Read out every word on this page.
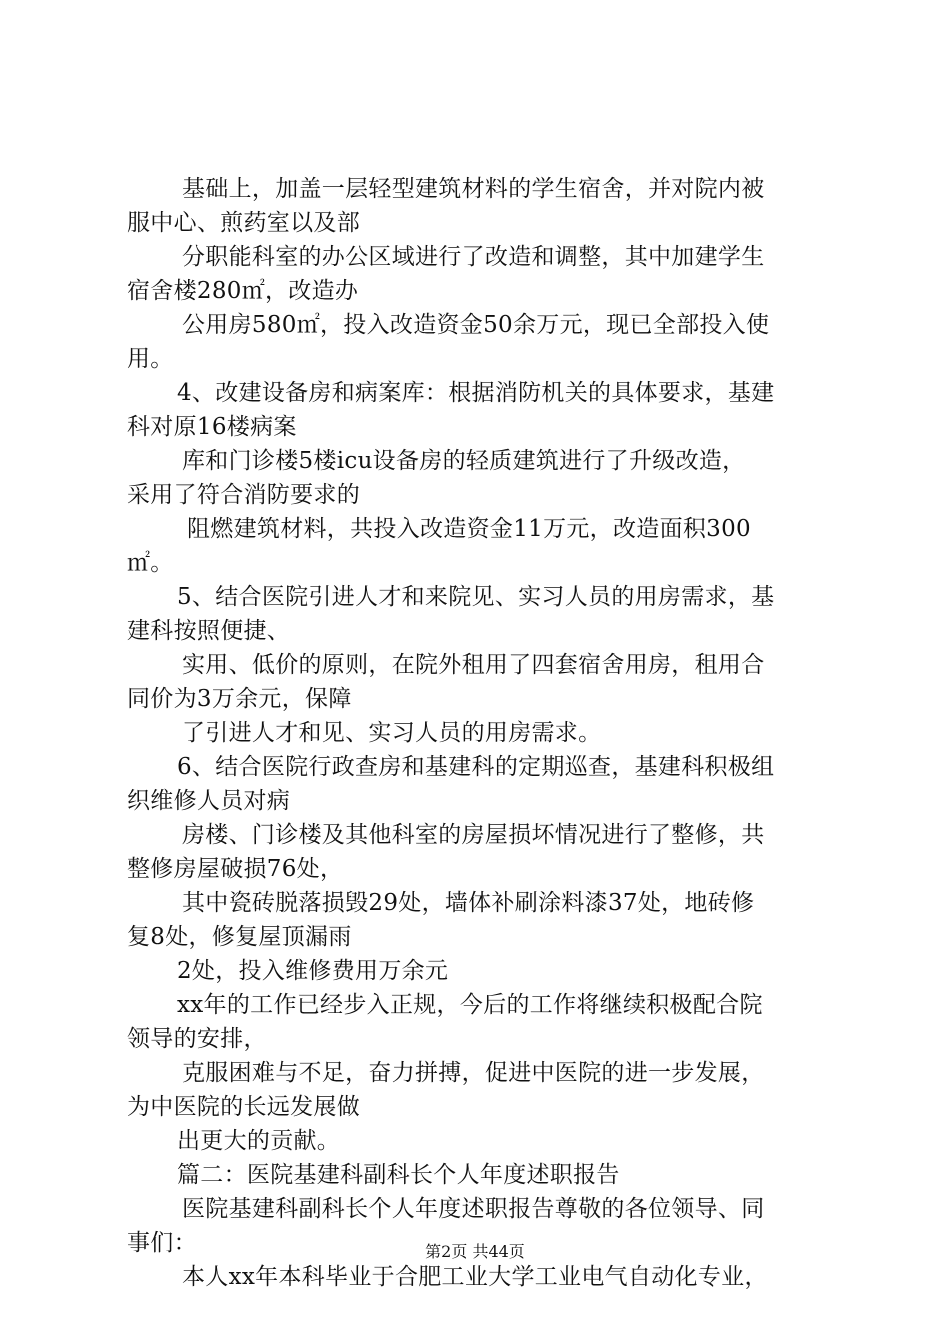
基础上，加盖一层轻型建筑材料的学生宿舍，并对院内被
服中心、煎药室以及部
分职能科室的办公区域进行了改造和调整，其中加建学生
宿舍楼280㎡，改造办
公用房580㎡，投入改造资金50余万元，现已全部投入使
用。
4、改建设备房和病案库：根据消防机关的具体要求，基建
科对原16楼病案
库和门诊楼5楼icu设备房的轻质建筑进行了升级改造，
采用了符合消防要求的
阻燃建筑材料，共投入改造资金11万元，改造面积300
㎡。
5、结合医院引进人才和来院见、实习人员的用房需求，基
建科按照便捷、
实用、低价的原则，在院外租用了四套宿舍用房，租用合
同价为3万余元，保障
了引进人才和见、实习人员的用房需求。
6、结合医院行政查房和基建科的定期巡查，基建科积极组
织维修人员对病
房楼、门诊楼及其他科室的房屋损坏情况进行了整修，共
整修房屋破损76处，
其中瓷砖脱落损毁29处，墙体补刷涂料漆37处，地砖修
复8处，修复屋顶漏雨
2处，投入维修费用万余元
xx年的工作已经步入正规，今后的工作将继续积极配合院
领导的安排，
克服困难与不足，奋力拼搏，促进中医院的进一步发展，
为中医院的长远发展做
出更大的贡献。
篇二：医院基建科副科长个人年度述职报告
医院基建科副科长个人年度述职报告尊敬的各位领导、同
事们：
本人xx年本科毕业于合肥工业大学工业电气自动化专业，
第2页 共44页
